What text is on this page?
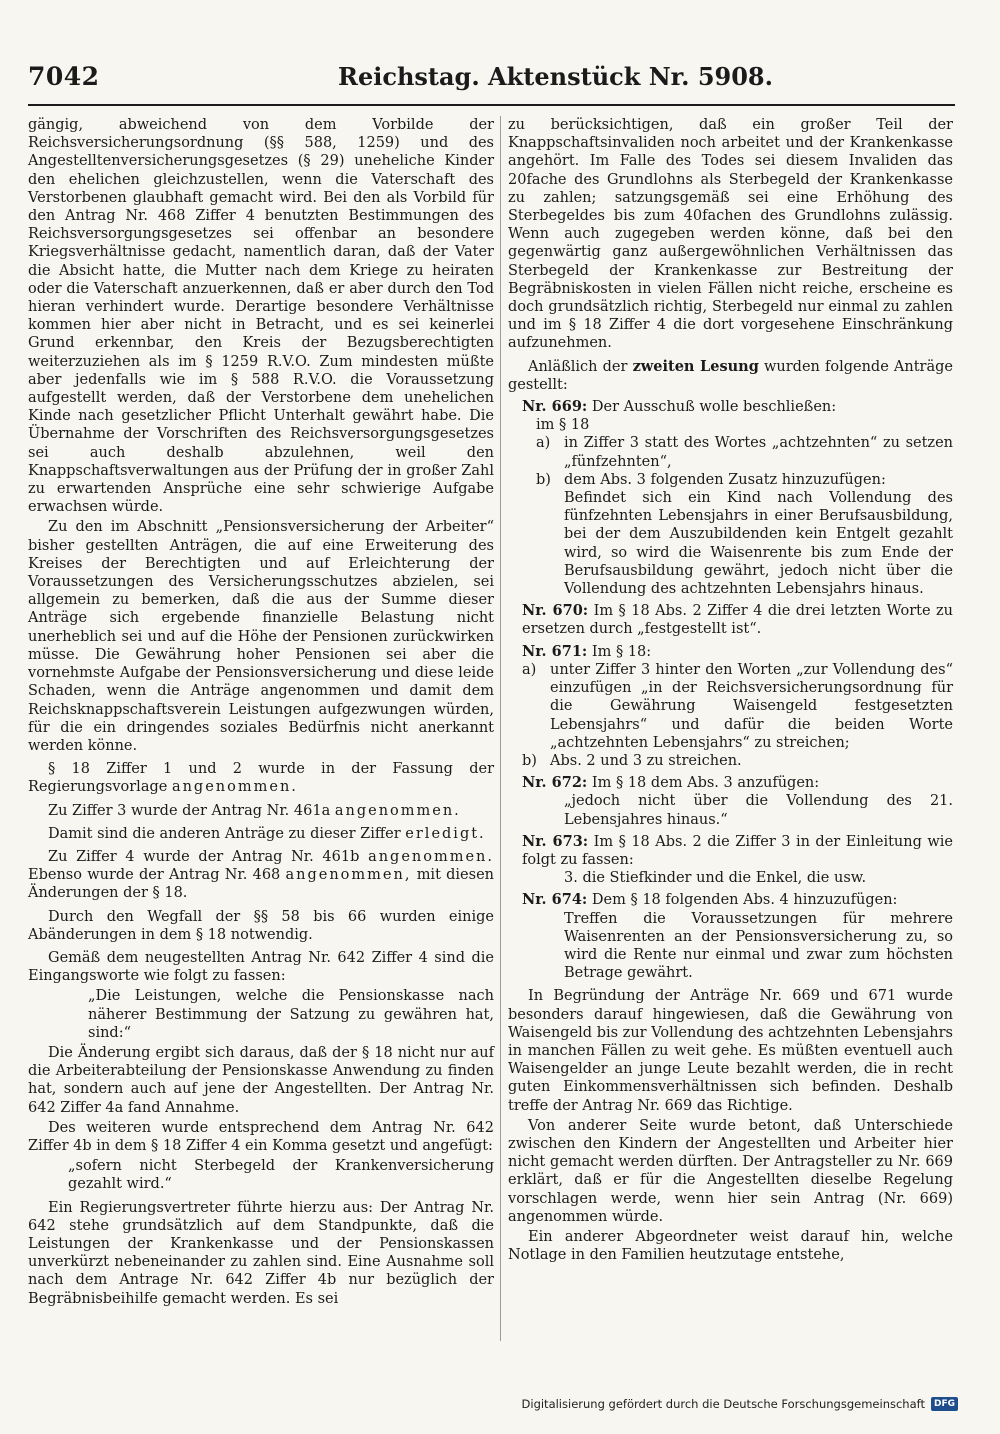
7042	Reichstag. Aktenstück Nr. 5908.

gängig, abweichend von dem Vorbilde der Reichsversicherungsordnung (§§ 588, 1259) und des Angestelltenversicherungsgesetzes (§ 29) uneheliche Kinder den ehelichen gleichzustellen, wenn die Vaterschaft des Verstorbenen glaubhaft gemacht wird. Bei den als Vorbild für den Antrag Nr. 468 Ziffer 4 benutzten Bestimmungen des Reichsversorgungsgesetzes sei offenbar an besondere Kriegsverhältnisse gedacht, namentlich daran, daß der Vater die Absicht hatte, die Mutter nach dem Kriege zu heiraten oder die Vaterschaft anzuerkennen, daß er aber durch den Tod hieran verhindert wurde. Derartige besondere Verhältnisse kommen hier aber nicht in Betracht, und es sei keinerlei Grund erkennbar, den Kreis der Bezugsberechtigten weiterzuziehen als im § 1259 R.V.O. Zum mindesten müßte aber jedenfalls wie im § 588 R.V.O. die Voraussetzung aufgestellt werden, daß der Verstorbene dem unehelichen Kinde nach gesetzlicher Pflicht Unterhalt gewährt habe. Die Übernahme der Vorschriften des Reichsversorgungsgesetzes sei auch deshalb abzulehnen, weil den Knappschaftsverwaltungen aus der Prüfung der in großer Zahl zu erwartenden Ansprüche eine sehr schwierige Aufgabe erwachsen würde.

Zu den im Abschnitt „Pensionsversicherung der Arbeiter“ bisher gestellten Anträgen, die auf eine Erweiterung des Kreises der Berechtigten und auf Erleichterung der Voraussetzungen des Versicherungsschutzes abzielen, sei allgemein zu bemerken, daß die aus der Summe dieser Anträge sich ergebende finanzielle Belastung nicht unerheblich sei und auf die Höhe der Pensionen zurückwirken müsse. Die Gewährung hoher Pensionen sei aber die vornehmste Aufgabe der Pensionsversicherung und diese leide Schaden, wenn die Anträge angenommen und damit dem Reichsknappschaftsverein Leistungen aufgezwungen würden, für die ein dringendes soziales Bedürfnis nicht anerkannt werden könne.

§ 18 Ziffer 1 und 2 wurde in der Fassung der Regierungsvorlage angenommen.

Zu Ziffer 3 wurde der Antrag Nr. 461a angenommen.

Damit sind die anderen Anträge zu dieser Ziffer erledigt.

Zu Ziffer 4 wurde der Antrag Nr. 461b angenommen. Ebenso wurde der Antrag Nr. 468 angenommen, mit diesen Änderungen der § 18.

Durch den Wegfall der §§ 58 bis 66 wurden einige Abänderungen in dem § 18 notwendig.

Gemäß dem neugestellten Antrag Nr. 642 Ziffer 4 sind die Eingangsworte wie folgt zu fassen:

„Die Leistungen, welche die Pensionskasse nach näherer Bestimmung der Satzung zu gewähren hat, sind:“

Die Änderung ergibt sich daraus, daß der § 18 nicht nur auf die Arbeiterabteilung der Pensionskasse Anwendung zu finden hat, sondern auch auf jene der Angestellten. Der Antrag Nr. 642 Ziffer 4a fand Annahme.

Des weiteren wurde entsprechend dem Antrag Nr. 642 Ziffer 4b in dem § 18 Ziffer 4 ein Komma gesetzt und angefügt:

„sofern nicht Sterbegeld der Krankenversicherung gezahlt wird.“

Ein Regierungsvertreter führte hierzu aus: Der Antrag Nr. 642 stehe grundsätzlich auf dem Standpunkte, daß die Leistungen der Krankenkasse und der Pensionskassen unverkürzt nebeneinander zu zahlen sind. Eine Ausnahme soll nach dem Antrage Nr. 642 Ziffer 4b nur bezüglich der Begräbnisbeihilfe gemacht werden. Es sei

zu berücksichtigen, daß ein großer Teil der Knappschaftsinvaliden noch arbeitet und der Krankenkasse angehört. Im Falle des Todes sei diesem Invaliden das 20fache des Grundlohns als Sterbegeld der Krankenkasse zu zahlen; satzungsgemäß sei eine Erhöhung des Sterbegeldes bis zum 40fachen des Grundlohns zulässig. Wenn auch zugegeben werden könne, daß bei den gegenwärtig ganz außergewöhnlichen Verhältnissen das Sterbegeld der Krankenkasse zur Bestreitung der Begräbniskosten in vielen Fällen nicht reiche, erscheine es doch grundsätzlich richtig, Sterbegeld nur einmal zu zahlen und im § 18 Ziffer 4 die dort vorgesehene Einschränkung aufzunehmen.

Anläßlich der zweiten Lesung wurden folgende Anträge gestellt:

Nr. 669: Der Ausschuß wolle beschließen:
im § 18
a) in Ziffer 3 statt des Wortes „achtzehnten“ zu setzen „fünfzehnten“,
b) dem Abs. 3 folgenden Zusatz hinzuzufügen:
Befindet sich ein Kind nach Vollendung des fünfzehnten Lebensjahrs in einer Berufsausbildung, bei der dem Auszubildenden kein Entgelt gezahlt wird, so wird die Waisenrente bis zum Ende der Berufsausbildung gewährt, jedoch nicht über die Vollendung des achtzehnten Lebensjahrs hinaus.
Nr. 670: Im § 18 Abs. 2 Ziffer 4 die drei letzten Worte zu ersetzen durch „festgestellt ist“.
Nr. 671: Im § 18:
a) unter Ziffer 3 hinter den Worten „zur Vollendung des“ einzufügen „in der Reichsversicherungsordnung für die Gewährung Waisengeld festgesetzten Lebensjahrs“ und dafür die beiden Worte „achtzehnten Lebensjahrs“ zu streichen;
b) Abs. 2 und 3 zu streichen.
Nr. 672: Im § 18 dem Abs. 3 anzufügen:
„jedoch nicht über die Vollendung des 21. Lebensjahres hinaus.“
Nr. 673: Im § 18 Abs. 2 die Ziffer 3 in der Einleitung wie folgt zu fassen:
3. die Stiefkinder und die Enkel, die usw.
Nr. 674: Dem § 18 folgenden Abs. 4 hinzuzufügen:
Treffen die Voraussetzungen für mehrere Waisenrenten an der Pensionsversicherung zu, so wird die Rente nur einmal und zwar zum höchsten Betrage gewährt.

In Begründung der Anträge Nr. 669 und 671 wurde besonders darauf hingewiesen, daß die Gewährung von Waisengeld bis zur Vollendung des achtzehnten Lebensjahrs in manchen Fällen zu weit gehe. Es müßten eventuell auch Waisengelder an junge Leute bezahlt werden, die in recht guten Einkommensverhältnissen sich befinden. Deshalb treffe der Antrag Nr. 669 das Richtige.

Von anderer Seite wurde betont, daß Unterschiede zwischen den Kindern der Angestellten und Arbeiter hier nicht gemacht werden dürften. Der Antragsteller zu Nr. 669 erklärt, daß er für die Angestellten dieselbe Regelung vorschlagen werde, wenn hier sein Antrag (Nr. 669) angenommen würde.

Ein anderer Abgeordneter weist darauf hin, welche Notlage in den Familien heutzutage entstehe,

Digitalisierung gefördert durch die Deutsche Forschungsgemeinschaft	DFG
